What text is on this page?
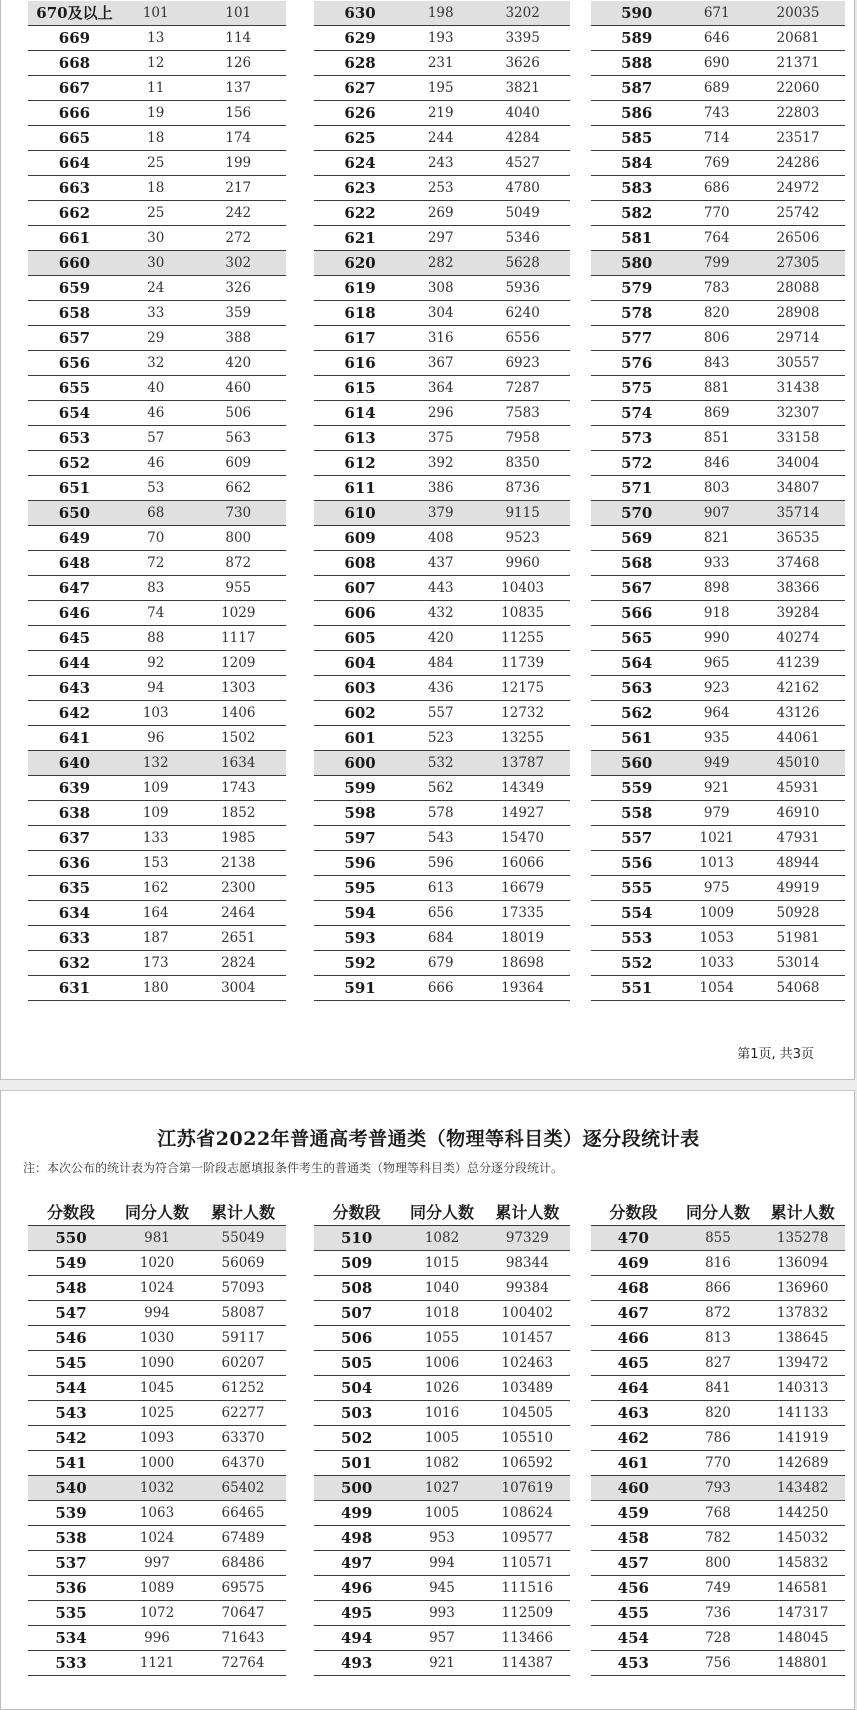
670及以上	101	101
669	13	114
668	12	126
667	11	137
666	19	156
665	18	174
664	25	199
663	18	217
662	25	242
661	30	272
660	30	302
659	24	326
658	33	359
657	29	388
656	32	420
655	40	460
654	46	506
653	57	563
652	46	609
651	53	662
650	68	730
649	70	800
648	72	872
647	83	955
646	74	1029
645	88	1117
644	92	1209
643	94	1303
642	103	1406
641	96	1502
640	132	1634
639	109	1743
638	109	1852
637	133	1985
636	153	2138
635	162	2300
634	164	2464
633	187	2651
632	173	2824
631	180	3004
630	198	3202
629	193	3395
628	231	3626
627	195	3821
626	219	4040
625	244	4284
624	243	4527
623	253	4780
622	269	5049
621	297	5346
620	282	5628
619	308	5936
618	304	6240
617	316	6556
616	367	6923
615	364	7287
614	296	7583
613	375	7958
612	392	8350
611	386	8736
610	379	9115
609	408	9523
608	437	9960
607	443	10403
606	432	10835
605	420	11255
604	484	11739
603	436	12175
602	557	12732
601	523	13255
600	532	13787
599	562	14349
598	578	14927
597	543	15470
596	596	16066
595	613	16679
594	656	17335
593	684	18019
592	679	18698
591	666	19364
590	671	20035
589	646	20681
588	690	21371
587	689	22060
586	743	22803
585	714	23517
584	769	24286
583	686	24972
582	770	25742
581	764	26506
580	799	27305
579	783	28088
578	820	28908
577	806	29714
576	843	30557
575	881	31438
574	869	32307
573	851	33158
572	846	34004
571	803	34807
570	907	35714
569	821	36535
568	933	37468
567	898	38366
566	918	39284
565	990	40274
564	965	41239
563	923	42162
562	964	43126
561	935	44061
560	949	45010
559	921	45931
558	979	46910
557	1021	47931
556	1013	48944
555	975	49919
554	1009	50928
553	1053	51981
552	1033	53014
551	1054	54068
第1页, 共3页
江苏省2022年普通高考普通类（物理等科目类）逐分段统计表
注：本次公布的统计表为符合第一阶段志愿填报条件考生的普通类（物理等科目类）总分逐分段统计。
分数段	同分人数	累计人数
550	981	55049
549	1020	56069
548	1024	57093
547	994	58087
546	1030	59117
545	1090	60207
544	1045	61252
543	1025	62277
542	1093	63370
541	1000	64370
540	1032	65402
539	1063	66465
538	1024	67489
537	997	68486
536	1089	69575
535	1072	70647
534	996	71643
533	1121	72764
分数段	同分人数	累计人数
510	1082	97329
509	1015	98344
508	1040	99384
507	1018	100402
506	1055	101457
505	1006	102463
504	1026	103489
503	1016	104505
502	1005	105510
501	1082	106592
500	1027	107619
499	1005	108624
498	953	109577
497	994	110571
496	945	111516
495	993	112509
494	957	113466
493	921	114387
分数段	同分人数	累计人数
470	855	135278
469	816	136094
468	866	136960
467	872	137832
466	813	138645
465	827	139472
464	841	140313
463	820	141133
462	786	141919
461	770	142689
460	793	143482
459	768	144250
458	782	145032
457	800	145832
456	749	146581
455	736	147317
454	728	148045
453	756	148801
